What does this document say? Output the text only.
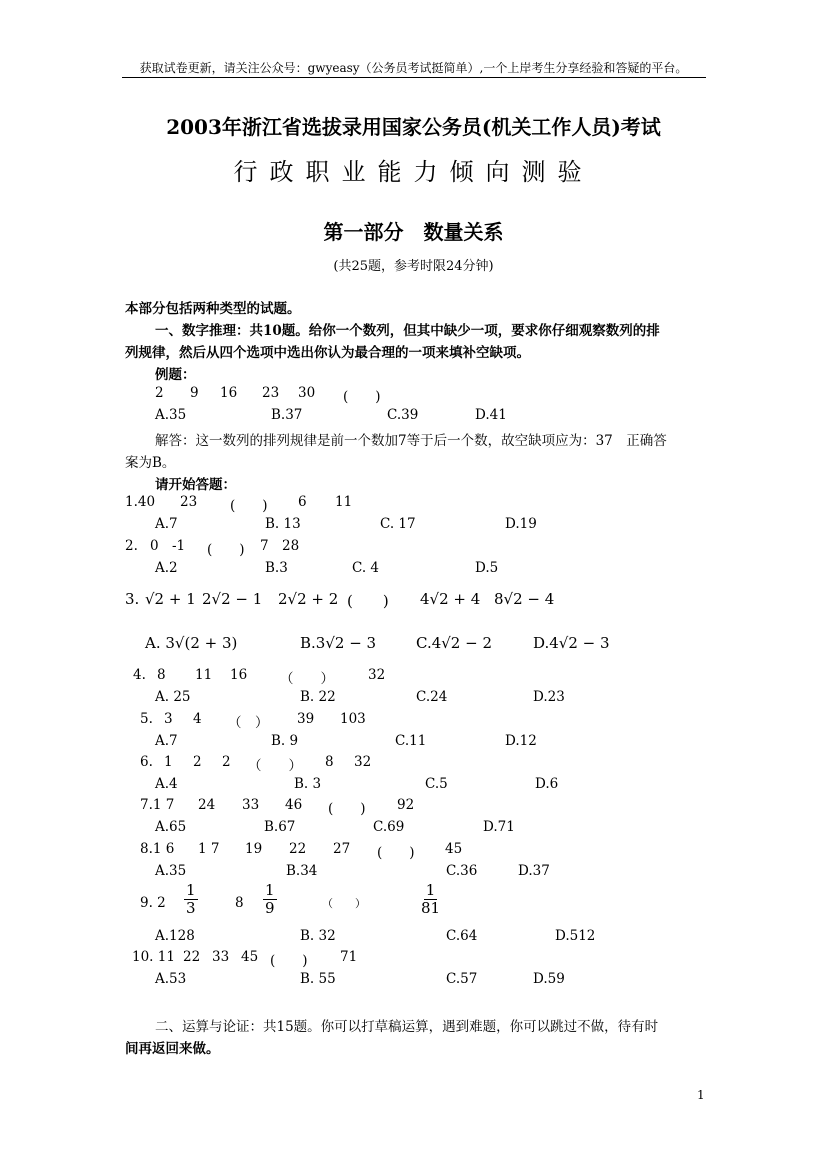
获取试卷更新，请关注公众号：gwyeasy（公务员考试挺简单）,一个上岸考生分享经验和答疑的平台。
2003年浙江省选拔录用国家公务员(机关工作人员)考试
行政职业能力倾向测验
第一部分　数量关系
(共25题，参考时限24分钟)
本部分包括两种类型的试题。
一、数字推理：共10题。给你一个数列，但其中缺少一项，要求你仔细观察数列的排
列规律，然后从四个选项中选出你认为最合理的一项来填补空缺项。
例题：
2 9 16 23 30 (　　)
A.35	B.37	C.39	D.41
解答：这一数列的排列规律是前一个数加7等于后一个数，故空缺项应为：37　正确答
案为B。
请开始答题：
1.40 23 (　　) 6 11
A.7	B. 13	C. 17	D.19
2. 0 -1 (　　) 7 28
A.2	B.3	C. 4	D.5
3. √2 + 1 2√2 − 1 2√2 + 2 (　　) 4√2 + 4 8√2 − 4
A. 3√(2 + 3)	B.3√2 − 3	C.4√2 − 2	D.4√2 − 3
4. 8 11 16 （　　）	32
A. 25	B. 22	C.24	D.23
5. 3 4 （　） 39 103
A.7	B. 9	C.11	D.12
6. 1 2 2 （　　） 8 32
A.4	B. 3	C.5	D.6
7.1 7 24 33 46 (　　) 92
A.65	B.67	C.69	D.71
8.1 6 1 7 19 22 27 (　　) 45
A.35	B.34	C.36	D.37
9. $2 \frac{1}{3}$	$8 \frac{1}{9}$	（　　）	$\frac{1}{81}$
A.128	B. 32	C.64	D.512
10. 11 22 33 45 (　　) 71
A.53	B. 55	C.57	D.59
二、运算与论证：共15题。你可以打草稿运算，遇到难题，你可以跳过不做，待有时
间再返回来做。
1
